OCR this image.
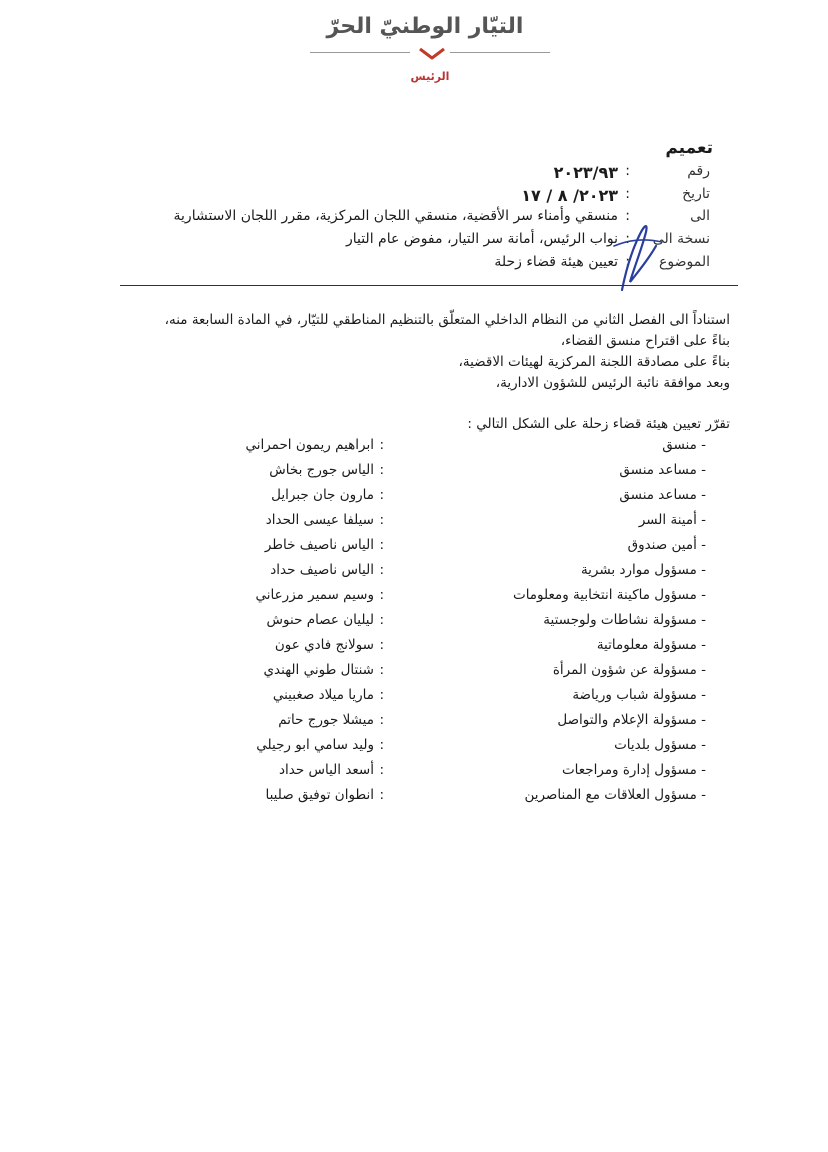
التيّار الوطنيّ الحرّ
الرئيس
تعميم
رقم
:
٢٠٢٣/٩٣
تاريخ
:
٢٠٢٣/ ٨ / ١٧
الى
:
منسقي وأمناء سر الأقضية، منسقي اللجان المركزية، مقرر اللجان الاستشارية
نسخة الى
:
نواب الرئيس، أمانة سر التيار، مفوض عام التيار
الموضوع
:
تعيين هيئة قضاء زحلة
استناداً الى الفصل الثاني من النظام الداخلي المتعلّق بالتنظيم المناطقي للتيّار، في المادة السابعة منه،
بناءً على اقتراح منسق القضاء،
بناءً على مصادقة اللجنة المركزية لهيئات الاقضية،
وبعد موافقة نائبة الرئيس للشؤون الادارية،
تقرّر تعيين هيئة قضاء زحلة على الشكل التالي :
- منسق
:
ابراهيم ريمون احمراني
- مساعد منسق
:
الياس جورج بخاش
- مساعد منسق
:
مارون جان جبرايل
- أمينة السر
:
سيلفا عيسى الحداد
- أمين صندوق
:
الياس ناصيف خاطر
- مسؤول موارد بشرية
:
الياس ناصيف حداد
- مسؤول ماكينة انتخابية ومعلومات
:
وسيم سمير مزرعاني
- مسؤولة نشاطات ولوجستية
:
ليليان عصام حنوش
- مسؤولة معلوماتية
:
سولانج فادي عون
- مسؤولة عن شؤون المرأة
:
شنتال طوني الهندي
- مسؤولة شباب ورياضة
:
ماريا ميلاد صغبيني
- مسؤولة الإعلام والتواصل
:
ميشلا جورج حاتم
- مسؤول بلديات
:
وليد سامي ابو رجيلي
- مسؤول إدارة ومراجعات
:
أسعد الياس حداد
- مسؤول العلاقات مع المناصرين
:
انطوان توفيق صليبا
